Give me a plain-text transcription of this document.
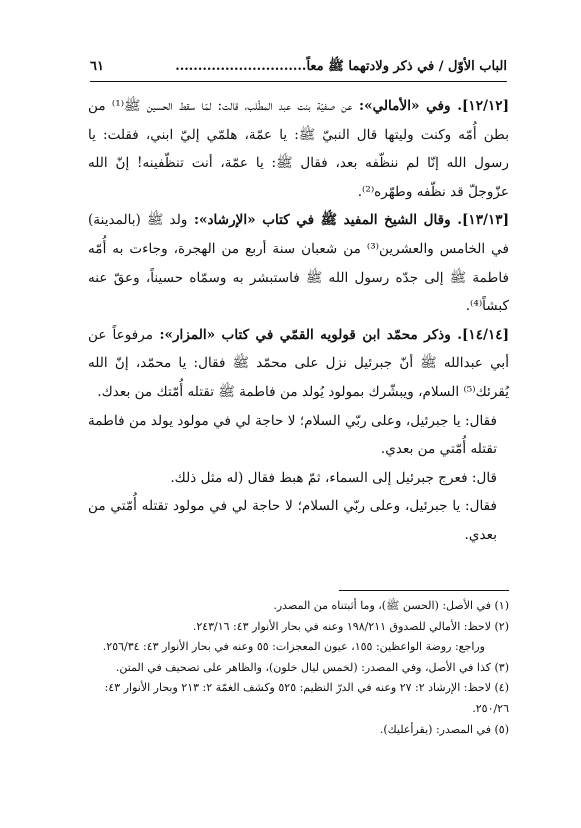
الباب الأوّل / في ذكر ولادتهما ﷺ معاً.............................
٦١

[١٢/١٢]. وفي «الأمالي»: عن صفيّة بنت عبد المطّلب، قالت: لمّا سقط الحسين ﷺ⁽¹⁾ من بطن أُمّه وكنت وليتها قال النبيّ ﷺ: يا عمّة، هلمّي إليّ ابني، فقلت: يا رسول الله إنّا لم ننظّفه بعد، فقال ﷺ: يا عمّة، أنت تنظّفينه! إنّ الله عزّوجلّ قد نظّفه وطهّره⁽²⁾.

[١٣/١٣]. وقال الشيخ المفيد ﷺ في كتاب «الإرشاد»: ولد ﷺ (بالمدينة) في الخامس والعشرين⁽³⁾ من شعبان سنة أربع من الهجرة، وجاءت به أُمّه فاطمة ﷺ إلى جدّه رسول الله ﷺ فاستبشر به وسمّاه حسيناً، وعقّ عنه كبشاً⁽⁴⁾.

[١٤/١٤]. وذكر محمّد ابن قولويه القمّي في كتاب «المزار»: مرفوعاً عن أبي عبدالله ﷺ أنّ جبرئيل نزل على محمّد ﷺ فقال: يا محمّد، إنّ الله يُقرئك⁽⁵⁾ السلام، ويبشّرك بمولود يُولد من فاطمة ﷺ تقتله أُمّتك من بعدك.

فقال: يا جبرئيل، وعلى ربّي السلام؛ لا حاجة لي في مولود يولد من فاطمة تقتله أُمّتي من بعدي.

قال: فعرج جبرئيل إلى السماء، ثمّ هبط فقال (له مثل ذلك.

فقال: يا جبرئيل، وعلى ربّي السلام؛ لا حاجة لي في مولود تقتله أُمّتي من بعدي.

(١) في الأصل: (الحسن ﷺ)، وما أثبتناه من المصدر.

(٢) لاحظ: الأمالي للصدوق ١٩٨/٢١١ وعنه في بحار الأنوار ٤٣: ٢٤٣/١٦.

وراجع: روضة الواعظين: ١٥٥، عيون المعجزات: ٥٥ وعنه في بحار الأنوار ٤٣: ٢٥٦/٣٤.

(٣) كذا في الأصل، وفي المصدر: (لخمس ليال خلون)، والظاهر على تصحيف في المتن.

(٤) لاحظ: الإرشاد ٢: ٢٧ وعنه في الدرّ النظيم: ٥٢٥ وكشف الغمّة ٢: ٢١٣ وبحار الأنوار ٤٣: ٢٥٠/٢٦.

(٥) في المصدر: (يقرأعليك).
